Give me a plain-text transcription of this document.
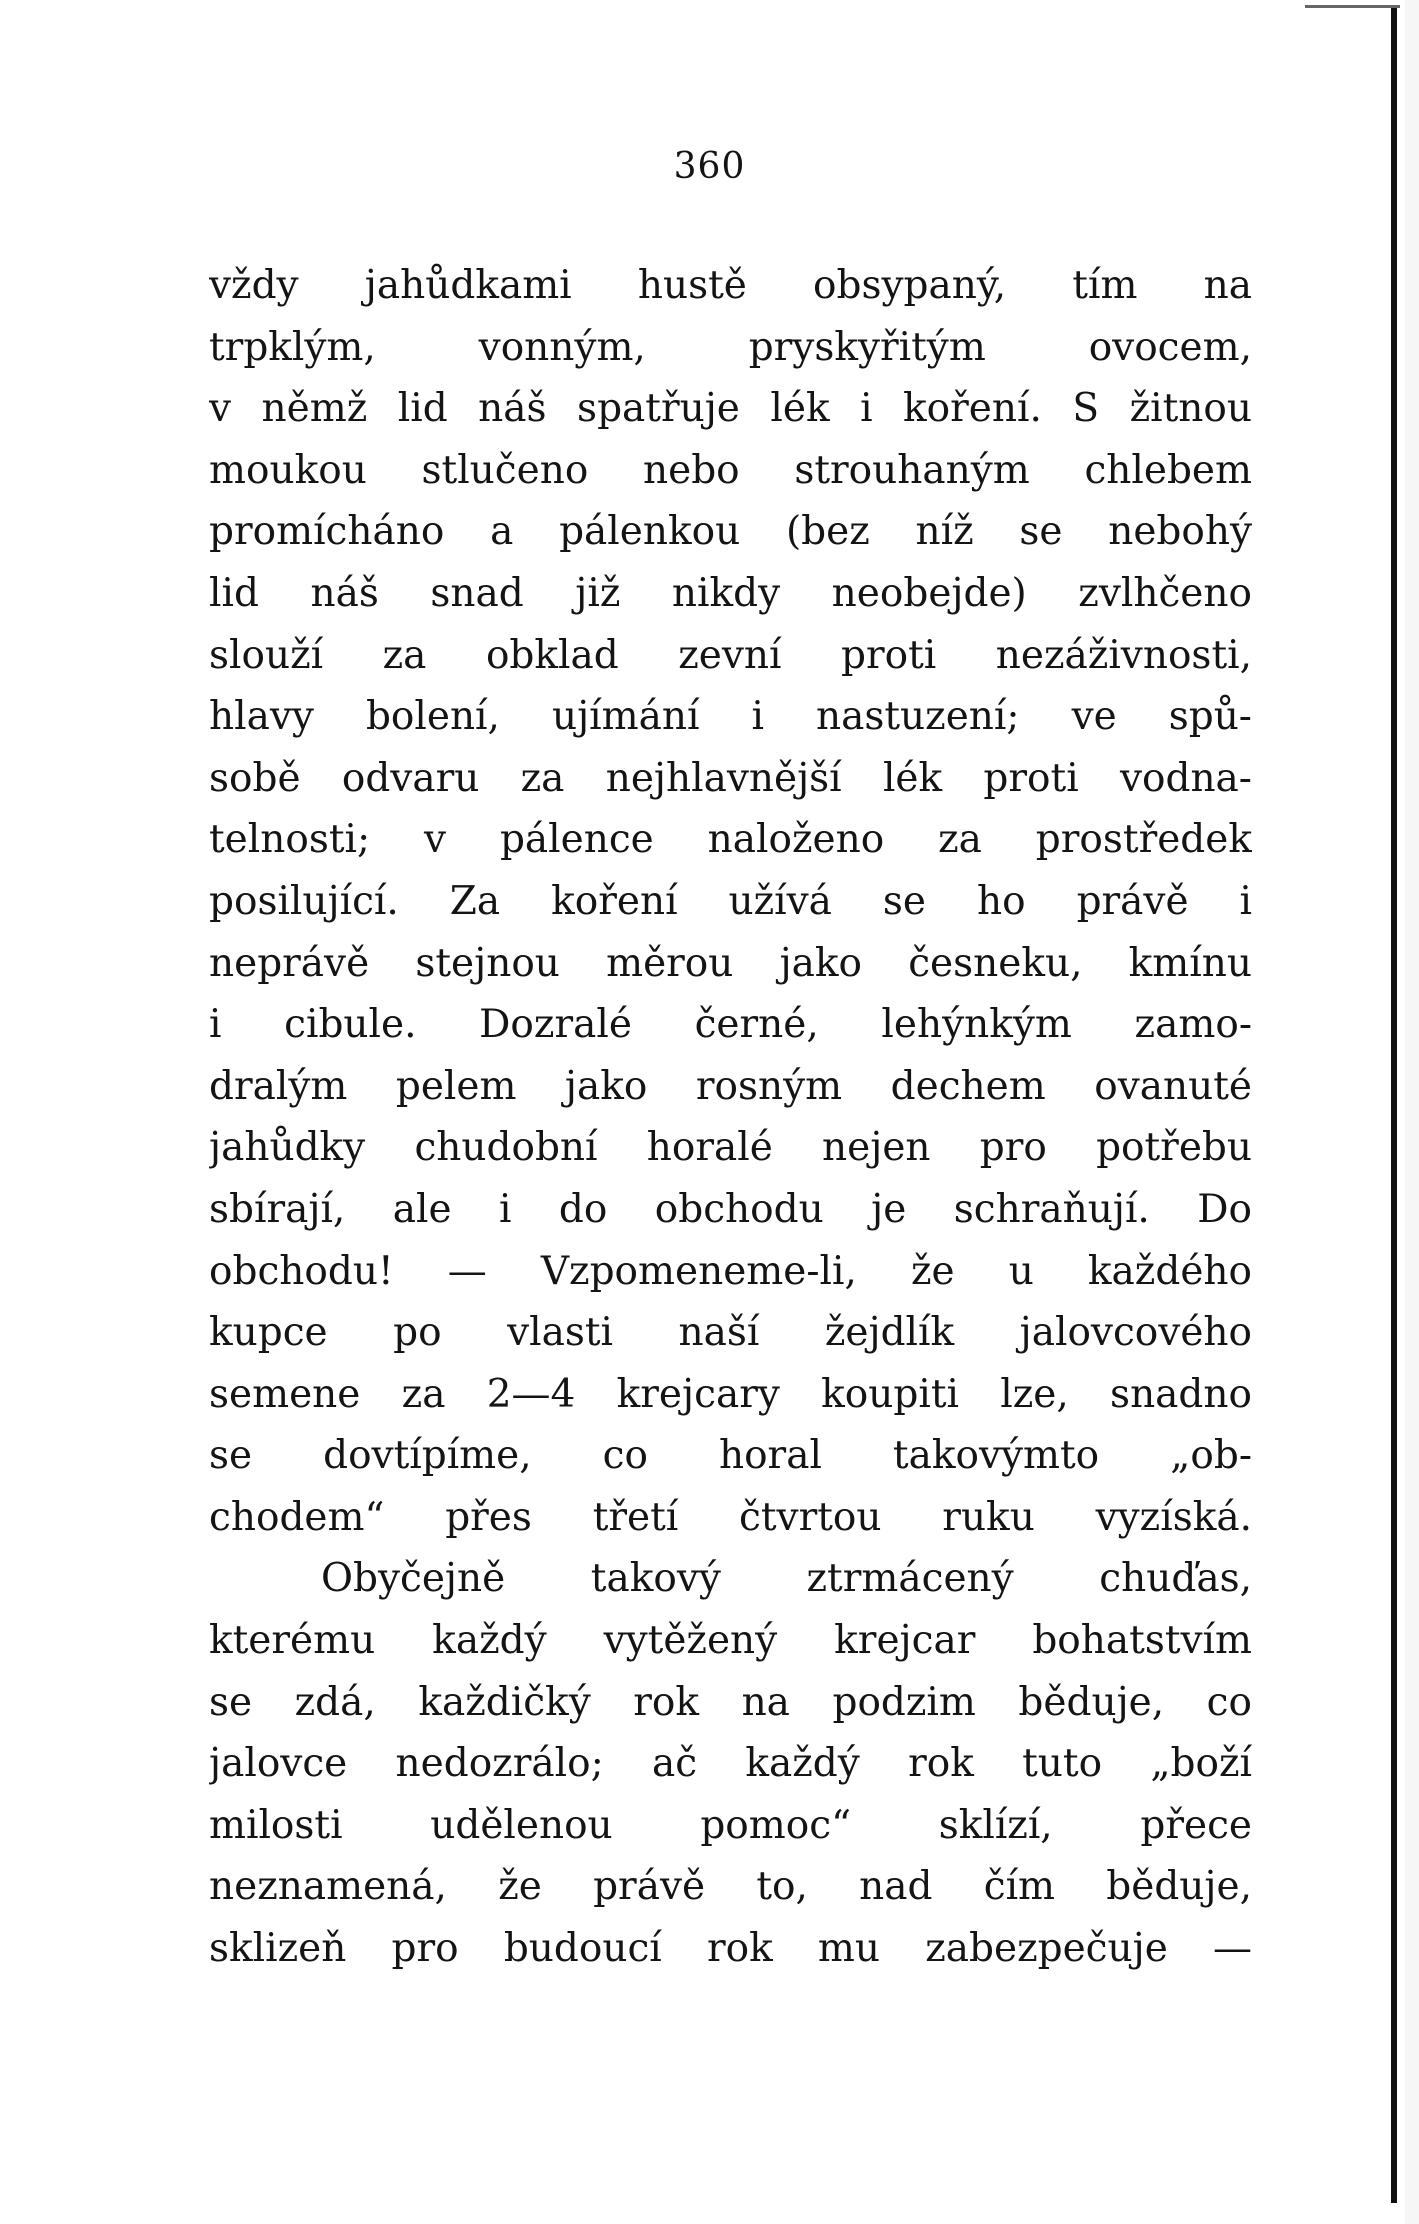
360
vždy jahůdkami hustě obsypaný, tím na
trpklým, vonným, pryskyřitým ovocem,
v němž lid náš spatřuje lék i koření. S žitnou
moukou stlučeno nebo strouhaným chlebem
promícháno a pálenkou (bez níž se nebohý
lid náš snad již nikdy neobejde) zvlhčeno
slouží za obklad zevní proti nezáživnosti,
hlavy bolení, ujímání i nastuzení; ve spů-
sobě odvaru za nejhlavnější lék proti vodna-
telnosti; v pálence naloženo za prostředek
posilující. Za koření užívá se ho právě i
neprávě stejnou měrou jako česneku, kmínu
i cibule. Dozralé černé, lehýnkým zamo-
dralým pelem jako rosným dechem ovanuté
jahůdky chudobní horalé nejen pro potřebu
sbírají, ale i do obchodu je schraňují. Do
obchodu! — Vzpomeneme-li, že u každého
kupce po vlasti naší žejdlík jalovcového
semene za 2—4 krejcary koupiti lze, snadno
se dovtípíme, co horal takovýmto „ob-
chodem“ přes třetí čtvrtou ruku vyzíská.
Obyčejně takový ztrmácený chuďas,
kterému každý vytěžený krejcar bohatstvím
se zdá, každičký rok na podzim běduje, co
jalovce nedozrálo; ač každý rok tuto „boží
milosti udělenou pomoc“ sklízí, přece
neznamená, že právě to, nad čím běduje,
sklizeň pro budoucí rok mu zabezpečuje —
